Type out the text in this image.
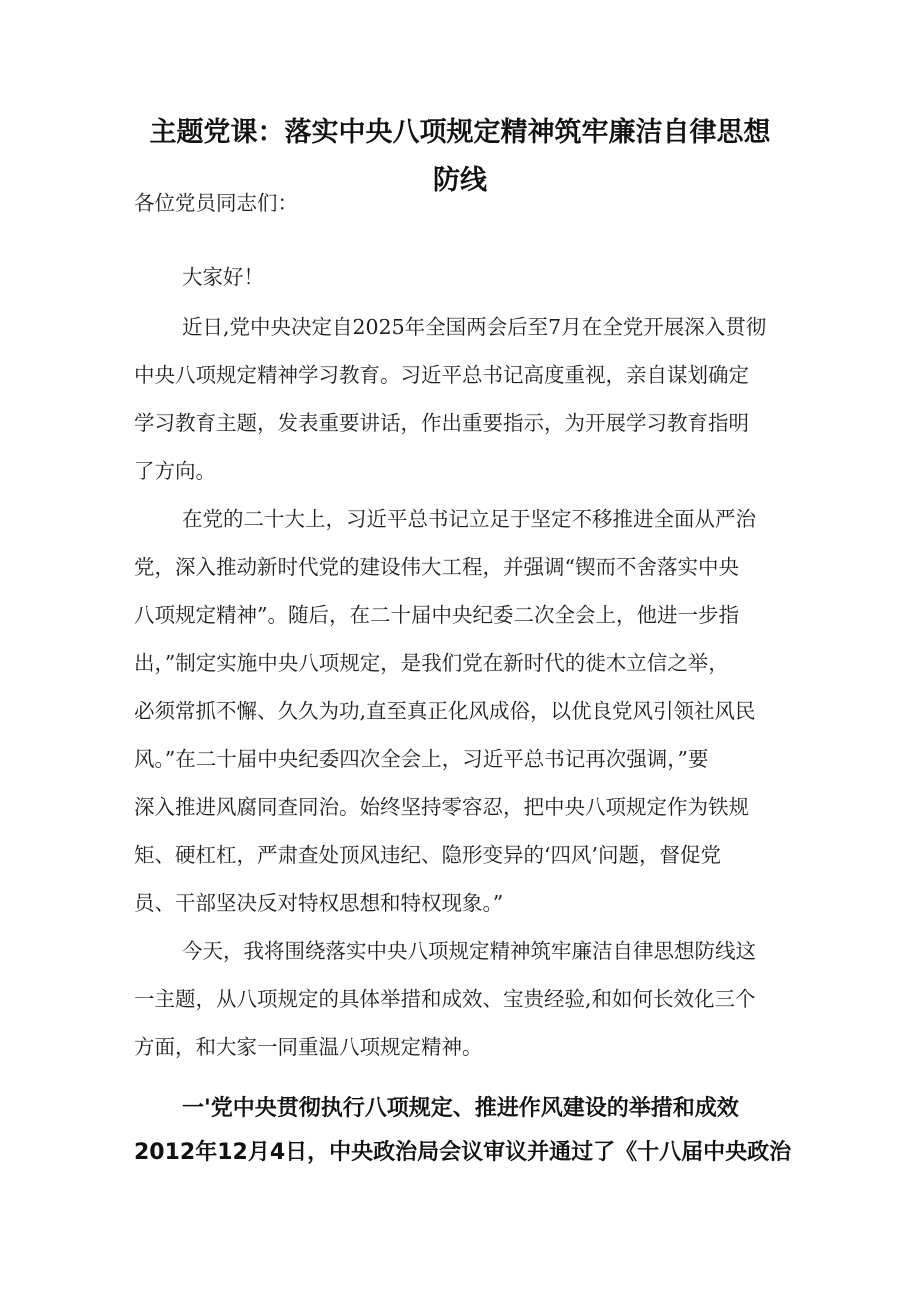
主题党课：落实中央八项规定精神筑牢廉洁自律思想
防线

各位党员同志们：

大家好！

近日,党中央决定自2025年全国两会后至7月在全党开展深入贯彻

中央八项规定精神学习教育。习近平总书记高度重视，亲自谋划确定

学习教育主题，发表重要讲话，作出重要指示，为开展学习教育指明

了方向。

在党的二十大上，习近平总书记立足于坚定不移推进全面从严治

党，深入推动新时代党的建设伟大工程，并强调“锲而不舍落实中央

八项规定精神”。随后，在二十届中央纪委二次全会上，他进一步指

出，”制定实施中央八项规定，是我们党在新时代的徙木立信之举，

必须常抓不懈、久久为功,直至真正化风成俗，以优良党风引领社风民

风。”在二十届中央纪委四次全会上，习近平总书记再次强调，”要

深入推进风腐同查同治。始终坚持零容忍，把中央八项规定作为铁规

矩、硬杠杠，严肃查处顶风违纪、隐形变异的‘四风’问题，督促党

员、干部坚决反对特权思想和特权现象。”

今天，我将围绕落实中央八项规定精神筑牢廉洁自律思想防线这

一主题，从八项规定的具体举措和成效、宝贵经验,和如何长效化三个

方面，和大家一同重温八项规定精神。

一'党中央贯彻执行八项规定、推进作风建设的举措和成效

2012年12月4日，中央政治局会议审议并通过了《十八届中央政治
